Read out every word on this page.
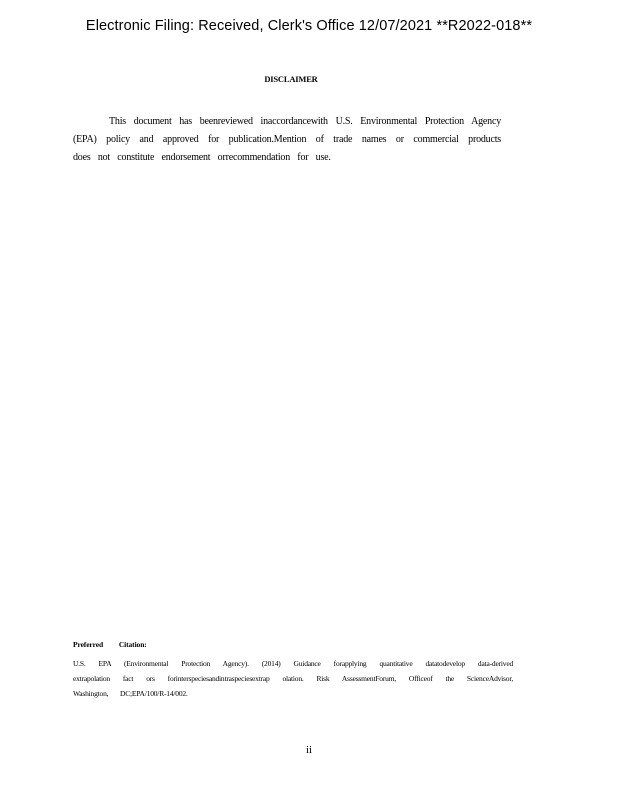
Electronic Filing: Received, Clerk's Office 12/07/2021 **R2022-018**
DISCLAIMER
This document has beenreviewed inaccordancewith U.S. Environmental Protection Agency (EPA) policy and approved for publication.Mention of trade names or commercial products does not constitute endorsement orrecommendation for use.
Preferred Citation:
U.S. EPA (Environmental Protection Agency). (2014) Guidance forapplying quantitative datatodevelop data-derived extrapolation fact ors forinterspeciesandintraspeciesextrap olation. Risk AssessmentForum, Officeof the ScienceAdvisor, Washington, DC;EPA/100/R-14/002.
ii
